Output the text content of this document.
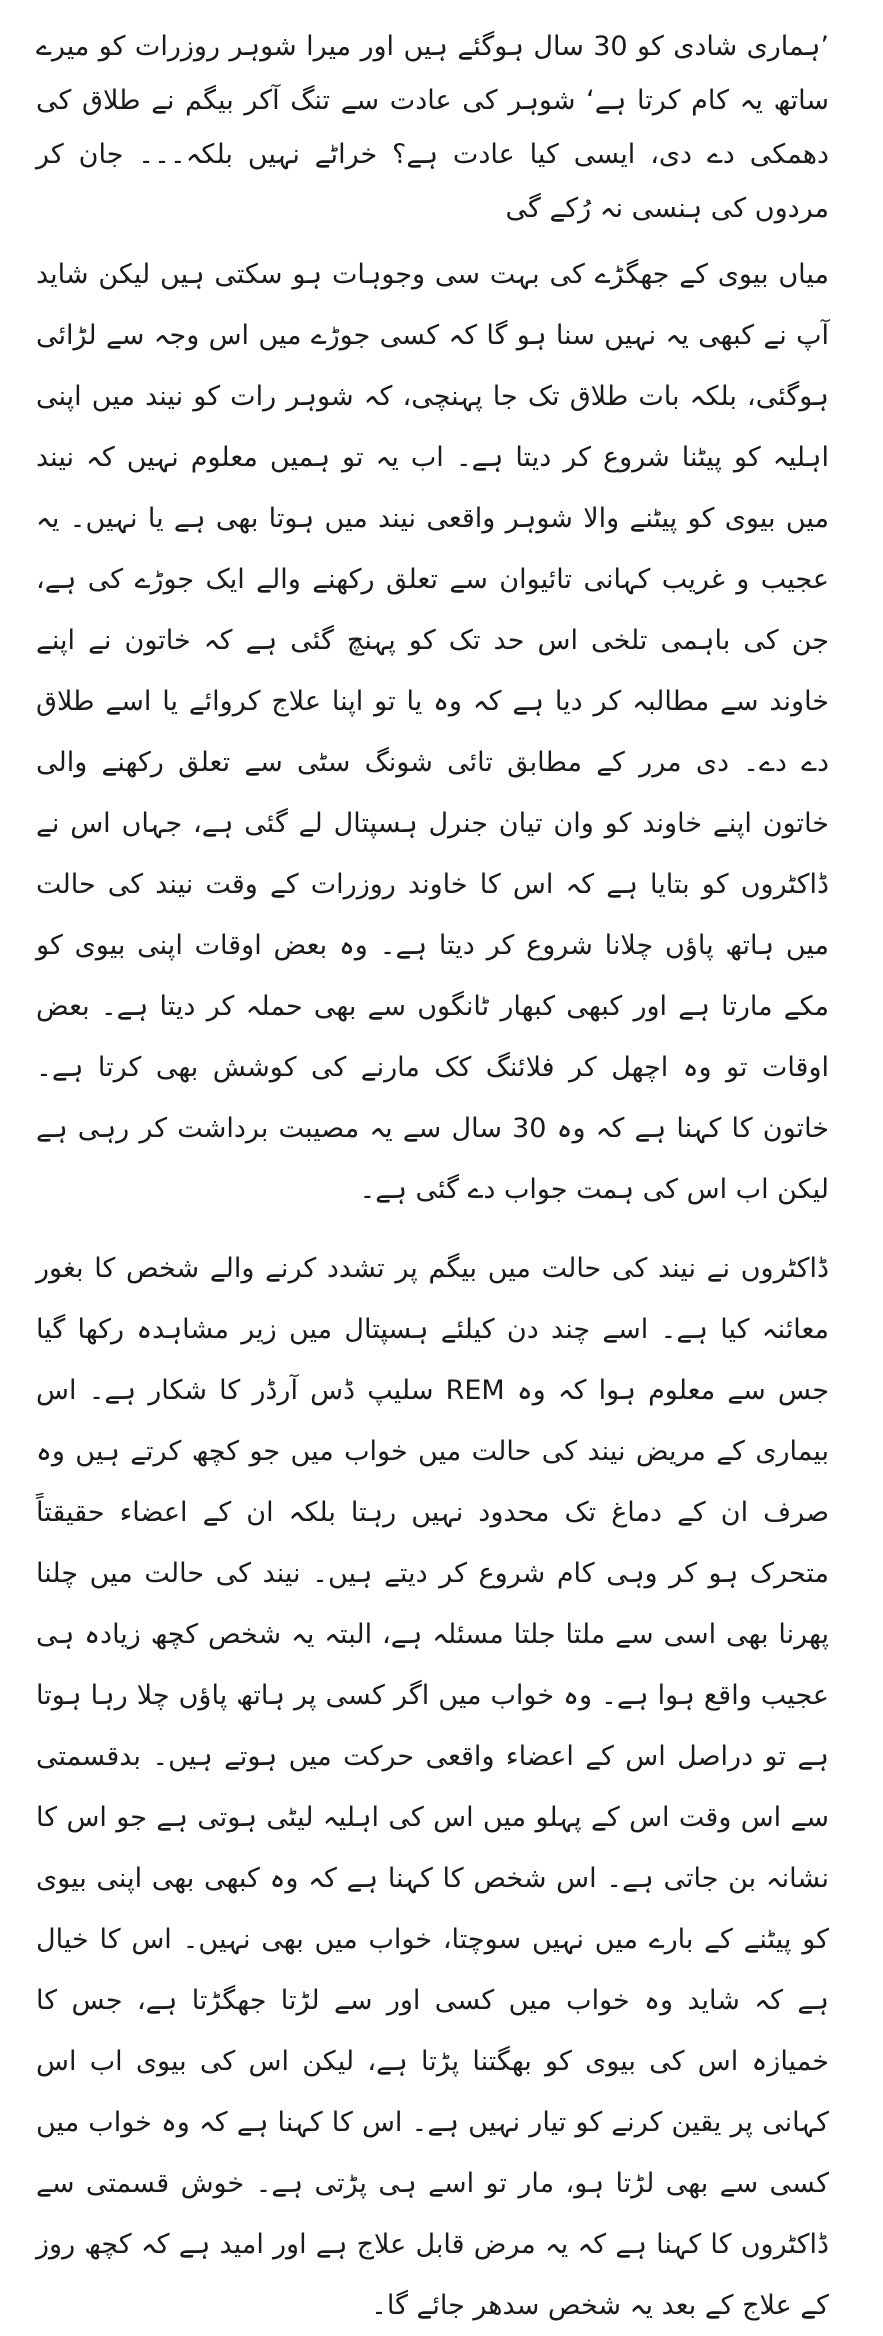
’ہماری شادی کو 30 سال ہوگئے ہیں اور میرا شوہر روزرات کو میرے ساتھ یہ کام کرتا ہے‘ شوہر کی عادت سے تنگ آکر بیگم نے طلاق کی دھمکی دے دی، ایسی کیا عادت ہے؟ خراٹے نہیں بلکہ۔۔۔ جان کر مردوں کی ہنسی نہ رُکے گی

میاں بیوی کے جھگڑے کی بہت سی وجوہات ہو سکتی ہیں لیکن شاید آپ نے کبھی یہ نہیں سنا ہو گا کہ کسی جوڑے میں اس وجہ سے لڑائی ہوگئی، بلکہ بات طلاق تک جا پہنچی، کہ شوہر رات کو نیند میں اپنی اہلیہ کو پیٹنا شروع کر دیتا ہے۔ اب یہ تو ہمیں معلوم نہیں کہ نیند میں بیوی کو پیٹنے والا شوہر واقعی نیند میں ہوتا بھی ہے یا نہیں۔ یہ عجیب و غریب کہانی تائیوان سے تعلق رکھنے والے ایک جوڑے کی ہے، جن کی باہمی تلخی اس حد تک کو پہنچ گئی ہے کہ خاتون نے اپنے خاوند سے مطالبہ کر دیا ہے کہ وہ یا تو اپنا علاج کروائے یا اسے طلاق دے دے۔ دی مرر کے مطابق تائی شونگ سٹی سے تعلق رکھنے والی خاتون اپنے خاوند کو وان تیان جنرل ہسپتال لے گئی ہے، جہاں اس نے ڈاکٹروں کو بتایا ہے کہ اس کا خاوند روزرات کے وقت نیند کی حالت میں ہاتھ پاؤں چلانا شروع کر دیتا ہے۔ وہ بعض اوقات اپنی بیوی کو مکے مارتا ہے اور کبھی کبھار ٹانگوں سے بھی حملہ کر دیتا ہے۔ بعض اوقات تو وہ اچھل کر فلائنگ کک مارنے کی کوشش بھی کرتا ہے۔ خاتون کا کہنا ہے کہ وہ 30 سال سے یہ مصیبت برداشت کر رہی ہے لیکن اب اس کی ہمت جواب دے گئی ہے۔

ڈاکٹروں نے نیند کی حالت میں بیگم پر تشدد کرنے والے شخص کا بغور معائنہ کیا ہے۔ اسے چند دن کیلئے ہسپتال میں زیر مشاہدہ رکھا گیا جس سے معلوم ہوا کہ وہ REM سلیپ ڈس آرڈر کا شکار ہے۔ اس بیماری کے مریض نیند کی حالت میں خواب میں جو کچھ کرتے ہیں وہ صرف ان کے دماغ تک محدود نہیں رہتا بلکہ ان کے اعضاء حقیقتاً متحرک ہو کر وہی کام شروع کر دیتے ہیں۔ نیند کی حالت میں چلنا پھرنا بھی اسی سے ملتا جلتا مسئلہ ہے، البتہ یہ شخص کچھ زیادہ ہی عجیب واقع ہوا ہے۔ وہ خواب میں اگر کسی پر ہاتھ پاؤں چلا رہا ہوتا ہے تو دراصل اس کے اعضاء واقعی حرکت میں ہوتے ہیں۔ بدقسمتی سے اس وقت اس کے پہلو میں اس کی اہلیہ لیٹی ہوتی ہے جو اس کا نشانہ بن جاتی ہے۔ اس شخص کا کہنا ہے کہ وہ کبھی بھی اپنی بیوی کو پیٹنے کے بارے میں نہیں سوچتا، خواب میں بھی نہیں۔ اس کا خیال ہے کہ شاید وہ خواب میں کسی اور سے لڑتا جھگڑتا ہے، جس کا خمیازہ اس کی بیوی کو بھگتنا پڑتا ہے، لیکن اس کی بیوی اب اس کہانی پر یقین کرنے کو تیار نہیں ہے۔ اس کا کہنا ہے کہ وہ خواب میں کسی سے بھی لڑتا ہو، مار تو اسے ہی پڑتی ہے۔ خوش قسمتی سے ڈاکٹروں کا کہنا ہے کہ یہ مرض قابل علاج ہے اور امید ہے کہ کچھ روز کے علاج کے بعد یہ شخص سدھر جائے گا۔
